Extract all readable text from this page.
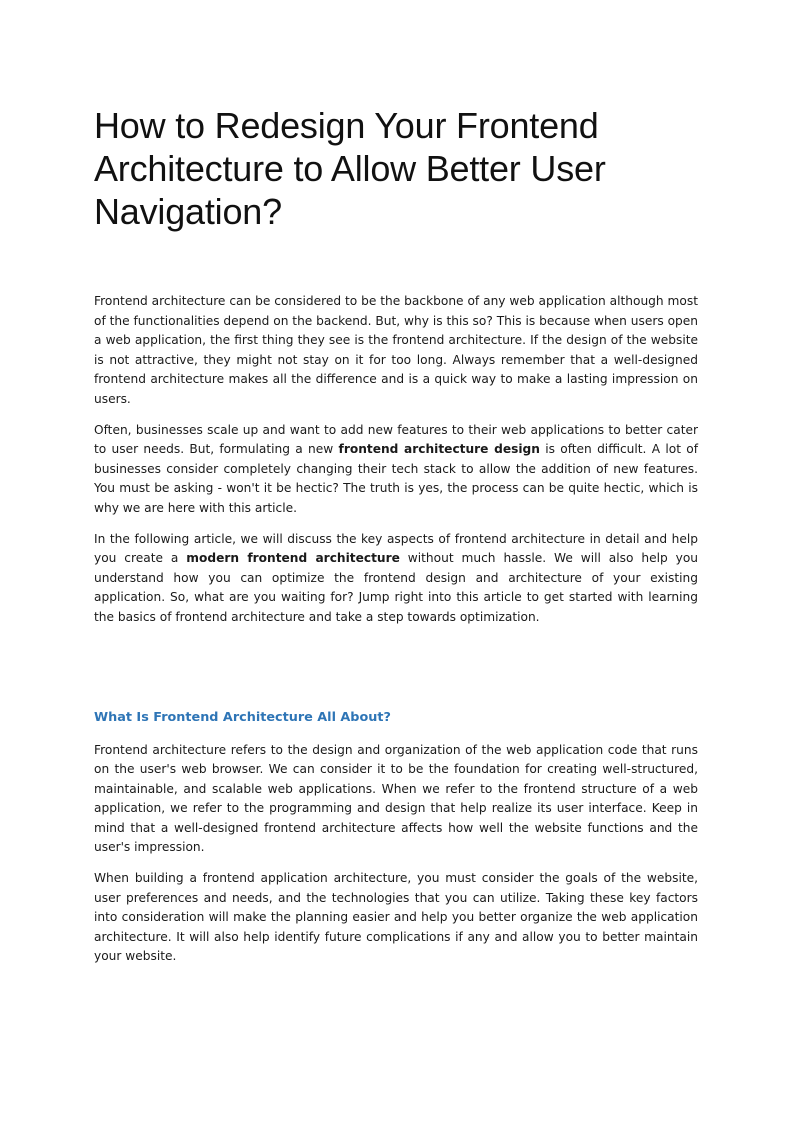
How to Redesign Your Frontend Architecture to Allow Better User Navigation?

Frontend architecture can be considered to be the backbone of any web application although most of the functionalities depend on the backend. But, why is this so? This is because when users open a web application, the first thing they see is the frontend architecture. If the design of the website is not attractive, they might not stay on it for too long. Always remember that a well-designed frontend architecture makes all the difference and is a quick way to make a lasting impression on users.

Often, businesses scale up and want to add new features to their web applications to better cater to user needs. But, formulating a new frontend architecture design is often difficult. A lot of businesses consider completely changing their tech stack to allow the addition of new features. You must be asking - won't it be hectic? The truth is yes, the process can be quite hectic, which is why we are here with this article.

In the following article, we will discuss the key aspects of frontend architecture in detail and help you create a modern frontend architecture without much hassle. We will also help you understand how you can optimize the frontend design and architecture of your existing application. So, what are you waiting for? Jump right into this article to get started with learning the basics of frontend architecture and take a step towards optimization.

What Is Frontend Architecture All About?

Frontend architecture refers to the design and organization of the web application code that runs on the user's web browser. We can consider it to be the foundation for creating well-structured, maintainable, and scalable web applications. When we refer to the frontend structure of a web application, we refer to the programming and design that help realize its user interface. Keep in mind that a well-designed frontend architecture affects how well the website functions and the user's impression.

When building a frontend application architecture, you must consider the goals of the website, user preferences and needs, and the technologies that you can utilize. Taking these key factors into consideration will make the planning easier and help you better organize the web application architecture. It will also help identify future complications if any and allow you to better maintain your website.
